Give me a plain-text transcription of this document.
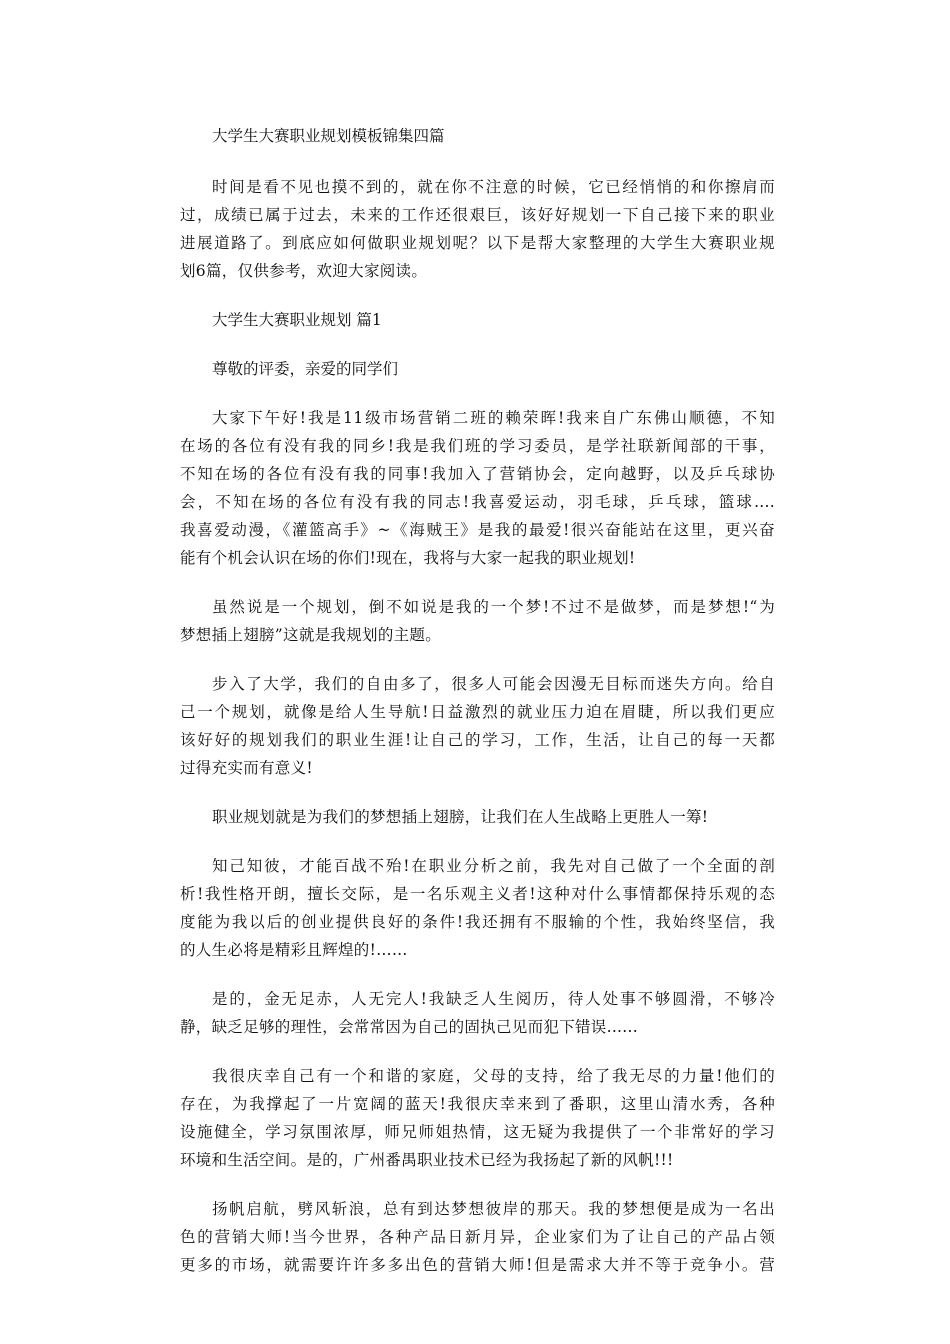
大学生大赛职业规划模板锦集四篇
时间是看不见也摸不到的，就在你不注意的时候，它已经悄悄的和你擦肩而
过，成绩已属于过去，未来的工作还很艰巨，该好好规划一下自己接下来的职业
进展道路了。到底应如何做职业规划呢？以下是帮大家整理的大学生大赛职业规
划6篇，仅供参考，欢迎大家阅读。
大学生大赛职业规划 篇1
尊敬的评委，亲爱的同学们
大家下午好!我是11级市场营销二班的赖荣晖!我来自广东佛山顺德，不知
在场的各位有没有我的同乡!我是我们班的学习委员，是学社联新闻部的干事，
不知在场的各位有没有我的同事!我加入了营销协会，定向越野，以及乒乓球协
会，不知在场的各位有没有我的同志!我喜爱运动，羽毛球，乒乓球，篮球....
我喜爱动漫，《灌篮高手》~《海贼王》是我的最爱!很兴奋能站在这里，更兴奋
能有个机会认识在场的你们!现在，我将与大家一起我的职业规划!
虽然说是一个规划，倒不如说是我的一个梦!不过不是做梦，而是梦想!“为
梦想插上翅膀”这就是我规划的主题。
步入了大学，我们的自由多了，很多人可能会因漫无目标而迷失方向。给自
己一个规划，就像是给人生导航!日益激烈的就业压力迫在眉睫，所以我们更应
该好好的规划我们的职业生涯!让自己的学习，工作，生活，让自己的每一天都
过得充实而有意义!
职业规划就是为我们的梦想插上翅膀，让我们在人生战略上更胜人一筹!
知己知彼，才能百战不殆!在职业分析之前，我先对自己做了一个全面的剖
析!我性格开朗，擅长交际，是一名乐观主义者!这种对什么事情都保持乐观的态
度能为我以后的创业提供良好的条件!我还拥有不服输的个性，我始终坚信，我
的人生必将是精彩且辉煌的!……
是的，金无足赤，人无完人!我缺乏人生阅历，待人处事不够圆滑，不够冷
静，缺乏足够的理性，会常常因为自己的固执己见而犯下错误......
我很庆幸自己有一个和谐的家庭，父母的支持，给了我无尽的力量!他们的
存在，为我撑起了一片宽阔的蓝天!我很庆幸来到了番职，这里山清水秀，各种
设施健全，学习氛围浓厚，师兄师姐热情，这无疑为我提供了一个非常好的学习
环境和生活空间。是的，广州番禺职业技术已经为我扬起了新的风帆!!!
扬帆启航，劈风斩浪，总有到达梦想彼岸的那天。我的梦想便是成为一名出
色的营销大师!当今世界，各种产品日新月异，企业家们为了让自己的产品占领
更多的市场，就需要许许多多出色的营销大师!但是需求大并不等于竞争小。营
